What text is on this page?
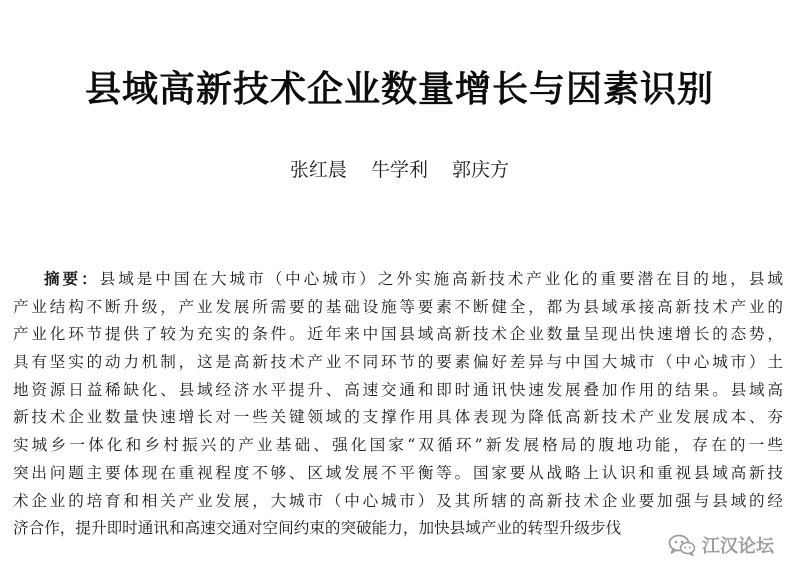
县域高新技术企业数量增长与因素识别
张红晨 牛学利 郭庆方
摘要：县域是中国在大城市（中心城市）之外实施高新技术产业化的重要潜在目的地，县域
产业结构不断升级，产业发展所需要的基础设施等要素不断健全，都为县域承接高新技术产业的
产业化环节提供了较为充实的条件。近年来中国县域高新技术企业数量呈现出快速增长的态势，
具有坚实的动力机制，这是高新技术产业不同环节的要素偏好差异与中国大城市（中心城市）土
地资源日益稀缺化、县域经济水平提升、高速交通和即时通讯快速发展叠加作用的结果。县域高
新技术企业数量快速增长对一些关键领域的支撑作用具体表现为降低高新技术产业发展成本、夯
实城乡一体化和乡村振兴的产业基础、强化国家“双循环”新发展格局的腹地功能，存在的一些
突出问题主要体现在重视程度不够、区域发展不平衡等。国家要从战略上认识和重视县域高新技
术企业的培育和相关产业发展，大城市（中心城市）及其所辖的高新技术企业要加强与县域的经
济合作，提升即时通讯和高速交通对空间约束的突破能力，加快县域产业的转型升级步伐
江汉论坛
